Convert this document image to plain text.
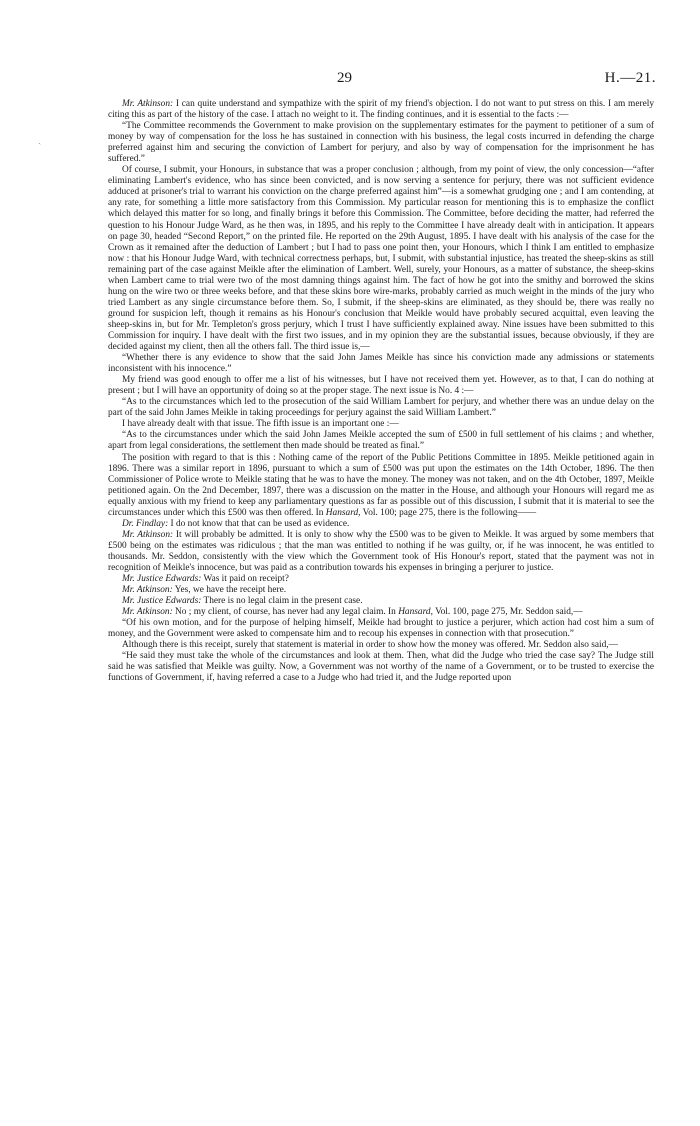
29	H.—21.
ˏ

Mr. Atkinson: I can quite understand and sympathize with the spirit of my friend's objection. I do not want to put stress on this. I am merely citing this as part of the history of the case. I attach no weight to it. The finding continues, and it is essential to the facts :—

“The Committee recommends the Government to make provision on the supplementary estimates for the payment to petitioner of a sum of money by way of compensation for the loss he has sustained in connection with his business, the legal costs incurred in defending the charge preferred against him and securing the conviction of Lambert for perjury, and also by way of compensation for the imprisonment he has suffered.”

Of course, I submit, your Honours, in substance that was a proper conclusion ; although, from my point of view, the only concession—“after eliminating Lambert's evidence, who has since been convicted, and is now serving a sentence for perjury, there was not sufficient evidence adduced at prisoner's trial to warrant his conviction on the charge preferred against him”—is a somewhat grudging one ; and I am contending, at any rate, for something a little more satisfactory from this Commission. My particular reason for mentioning this is to emphasize the conflict which delayed this matter for so long, and finally brings it before this Commission. The Committee, before deciding the matter, had referred the question to his Honour Judge Ward, as he then was, in 1895, and his reply to the Committee I have already dealt with in anticipation. It appears on page 30, headed “Second Report,” on the printed file. He reported on the 29th August, 1895. I have dealt with his analysis of the case for the Crown as it remained after the deduction of Lambert ; but I had to pass one point then, your Honours, which I think I am entitled to emphasize now : that his Honour Judge Ward, with technical correctness perhaps, but, I submit, with substantial injustice, has treated the sheep-skins as still remaining part of the case against Meikle after the elimination of Lambert. Well, surely, your Honours, as a matter of substance, the sheep-skins when Lambert came to trial were two of the most damning things against him. The fact of how he got into the smithy and borrowed the skins hung on the wire two or three weeks before, and that these skins bore wire-marks, probably carried as much weight in the minds of the jury who tried Lambert as any single circumstance before them. So, I submit, if the sheep-skins are eliminated, as they should be, there was really no ground for suspicion left, though it remains as his Honour's conclusion that Meikle would have probably secured acquittal, even leaving the sheep-skins in, but for Mr. Templeton's gross perjury, which I trust I have sufficiently explained away. Nine issues have been submitted to this Commission for inquiry. I have dealt with the first two issues, and in my opinion they are the substantial issues, because obviously, if they are decided against my client, then all the others fall. The third issue is,—

“Whether there is any evidence to show that the said John James Meikle has since his conviction made any admissions or statements inconsistent with his innocence.”

My friend was good enough to offer me a list of his witnesses, but I have not received them yet. However, as to that, I can do nothing at present ; but I will have an opportunity of doing so at the proper stage. The next issue is No. 4 :—

“As to the circumstances which led to the prosecution of the said William Lambert for perjury, and whether there was an undue delay on the part of the said John James Meikle in taking proceedings for perjury against the said William Lambert.”

I have already dealt with that issue. The fifth issue is an important one :—

“As to the circumstances under which the said John James Meikle accepted the sum of £500 in full settlement of his claims ; and whether, apart from legal considerations, the settlement then made should be treated as final.”

The position with regard to that is this : Nothing came of the report of the Public Petitions Committee in 1895. Meikle petitioned again in 1896. There was a similar report in 1896, pursuant to which a sum of £500 was put upon the estimates on the 14th October, 1896. The then Commissioner of Police wrote to Meikle stating that he was to have the money. The money was not taken, and on the 4th October, 1897, Meikle petitioned again. On the 2nd December, 1897, there was a discussion on the matter in the House, and although your Honours will regard me as equally anxious with my friend to keep any parliamentary questions as far as possible out of this discussion, I submit that it is material to see the circumstances under which this £500 was then offered. In Hansard, Vol. 100; page 275, there is the following——

Dr. Findlay: I do not know that that can be used as evidence.

Mr. Atkinson: It will probably be admitted. It is only to show why the £500 was to be given to Meikle. It was argued by some members that £500 being on the estimates was ridiculous ; that the man was entitled to nothing if he was guilty, or, if he was innocent, he was entitled to thousands. Mr. Seddon, consistently with the view which the Government took of His Honour's report, stated that the payment was not in recognition of Meikle's innocence, but was paid as a contribution towards his expenses in bringing a perjurer to justice.

Mr. Justice Edwards: Was it paid on receipt?

Mr. Atkinson: Yes, we have the receipt here.

Mr. Justice Edwards: There is no legal claim in the present case.

Mr. Atkinson: No ; my client, of course, has never had any legal claim. In Hansard, Vol. 100, page 275, Mr. Seddon said,—

“Of his own motion, and for the purpose of helping himself, Meikle had brought to justice a perjurer, which action had cost him a sum of money, and the Government were asked to compensate him and to recoup his expenses in connection with that prosecution.”

Although there is this receipt, surely that statement is material in order to show how the money was offered. Mr. Seddon also said,—

“He said they must take the whole of the circumstances and look at them. Then, what did the Judge who tried the case say? The Judge still said he was satisfied that Meikle was guilty. Now, a Government was not worthy of the name of a Government, or to be trusted to exercise the functions of Government, if, having referred a case to a Judge who had tried it, and the Judge reported upon
